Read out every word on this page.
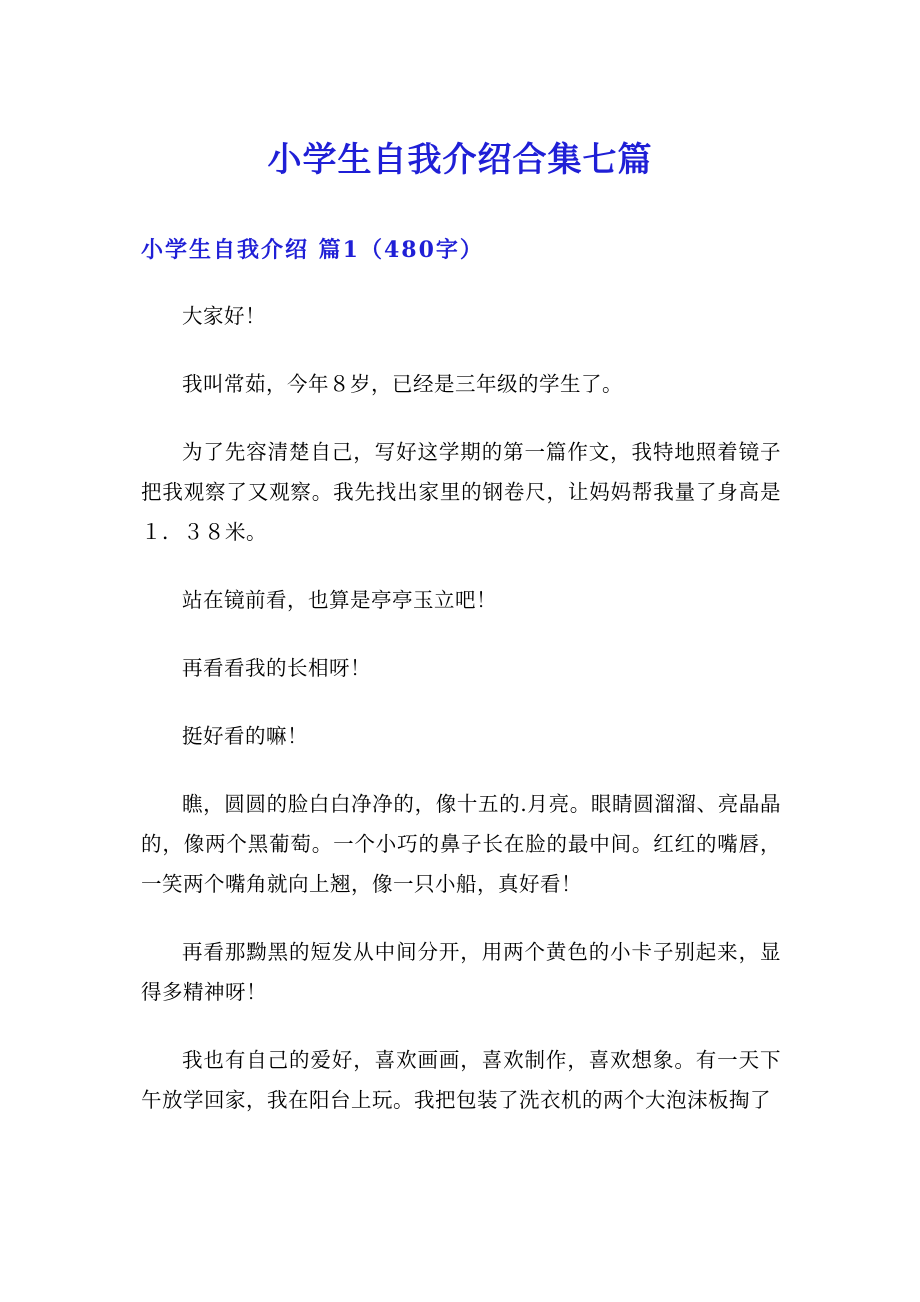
小学生自我介绍合集七篇
小学生自我介绍 篇1（480字）

大家好！

我叫常茹，今年８岁，已经是三年级的学生了。

为了先容清楚自己，写好这学期的第一篇作文，我特地照着镜子把我观察了又观察。我先找出家里的钢卷尺，让妈妈帮我量了身高是１．３８米。

站在镜前看，也算是亭亭玉立吧！

再看看我的长相呀！

挺好看的嘛！

瞧，圆圆的脸白白净净的，像十五的.月亮。眼睛圆溜溜、亮晶晶的，像两个黑葡萄。一个小巧的鼻子长在脸的最中间。红红的嘴唇，一笑两个嘴角就向上翘，像一只小船，真好看！

再看那黝黑的短发从中间分开，用两个黄色的小卡子别起来，显得多精神呀！

我也有自己的爱好，喜欢画画，喜欢制作，喜欢想象。有一天下午放学回家，我在阳台上玩。我把包装了洗衣机的两个大泡沫板掏了
